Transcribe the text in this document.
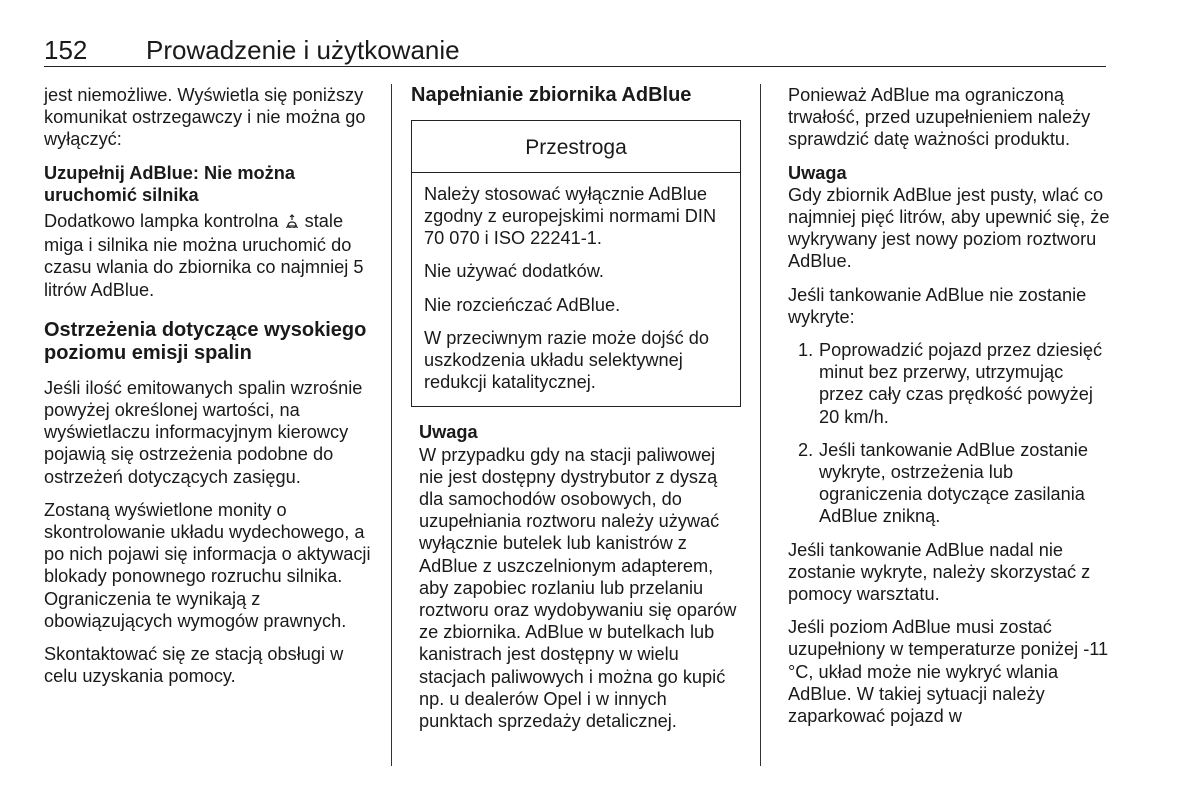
152 Prowadzenie i użytkowanie

jest niemożliwe. Wyświetla się poniższy komunikat ostrzegawczy i nie można go wyłączyć:

Uzupełnij AdBlue: Nie można uruchomić silnika

Dodatkowo lampka kontrolna  stale miga i silnika nie można uruchomić do czasu wlania do zbiornika co najmniej 5 litrów AdBlue.

Ostrzeżenia dotyczące wysokiego poziomu emisji spalin

Jeśli ilość emitowanych spalin wzrośnie powyżej określonej wartości, na wyświetlaczu informacyjnym kierowcy pojawią się ostrzeżenia podobne do ostrzeżeń dotyczących zasięgu.

Zostaną wyświetlone monity o skontrolowanie układu wydechowego, a po nich pojawi się informacja o aktywacji blokady ponownego rozruchu silnika. Ograniczenia te wynikają z obowiązujących wymogów prawnych.

Skontaktować się ze stacją obsługi w celu uzyskania pomocy.

Napełnianie zbiornika AdBlue
Przestroga

Należy stosować wyłącznie AdBlue zgodny z europejskimi normami DIN 70 070 i ISO 22241-1.

Nie używać dodatków.

Nie rozcieńczać AdBlue.

W przeciwnym razie może dojść do uszkodzenia układu selektywnej redukcji katalitycznej.

Uwaga

W przypadku gdy na stacji paliwowej nie jest dostępny dystrybutor z dyszą dla samochodów osobowych, do uzupełniania roztworu należy używać wyłącznie butelek lub kanistrów z AdBlue z uszczelnionym adapterem, aby zapobiec rozlaniu lub przelaniu roztworu oraz wydobywaniu się oparów ze zbiornika. AdBlue w butelkach lub kanistrach jest dostępny w wielu stacjach paliwowych i można go kupić np. u dealerów Opel i w innych punktach sprzedaży detalicznej.

Ponieważ AdBlue ma ograniczoną trwałość, przed uzupełnieniem należy sprawdzić datę ważności produktu.

Uwaga

Gdy zbiornik AdBlue jest pusty, wlać co najmniej pięć litrów, aby upewnić się, że wykrywany jest nowy poziom roztworu AdBlue.

Jeśli tankowanie AdBlue nie zostanie wykryte:

1. Poprowadzić pojazd przez dziesięć minut bez przerwy, utrzymując przez cały czas prędkość powyżej 20 km/h.
2. Jeśli tankowanie AdBlue zostanie wykryte, ostrzeżenia lub ograniczenia dotyczące zasilania AdBlue znikną.

Jeśli tankowanie AdBlue nadal nie zostanie wykryte, należy skorzystać z pomocy warsztatu.

Jeśli poziom AdBlue musi zostać uzupełniony w temperaturze poniżej -11 °C, układ może nie wykryć wlania AdBlue. W takiej sytuacji należy zaparkować pojazd w
